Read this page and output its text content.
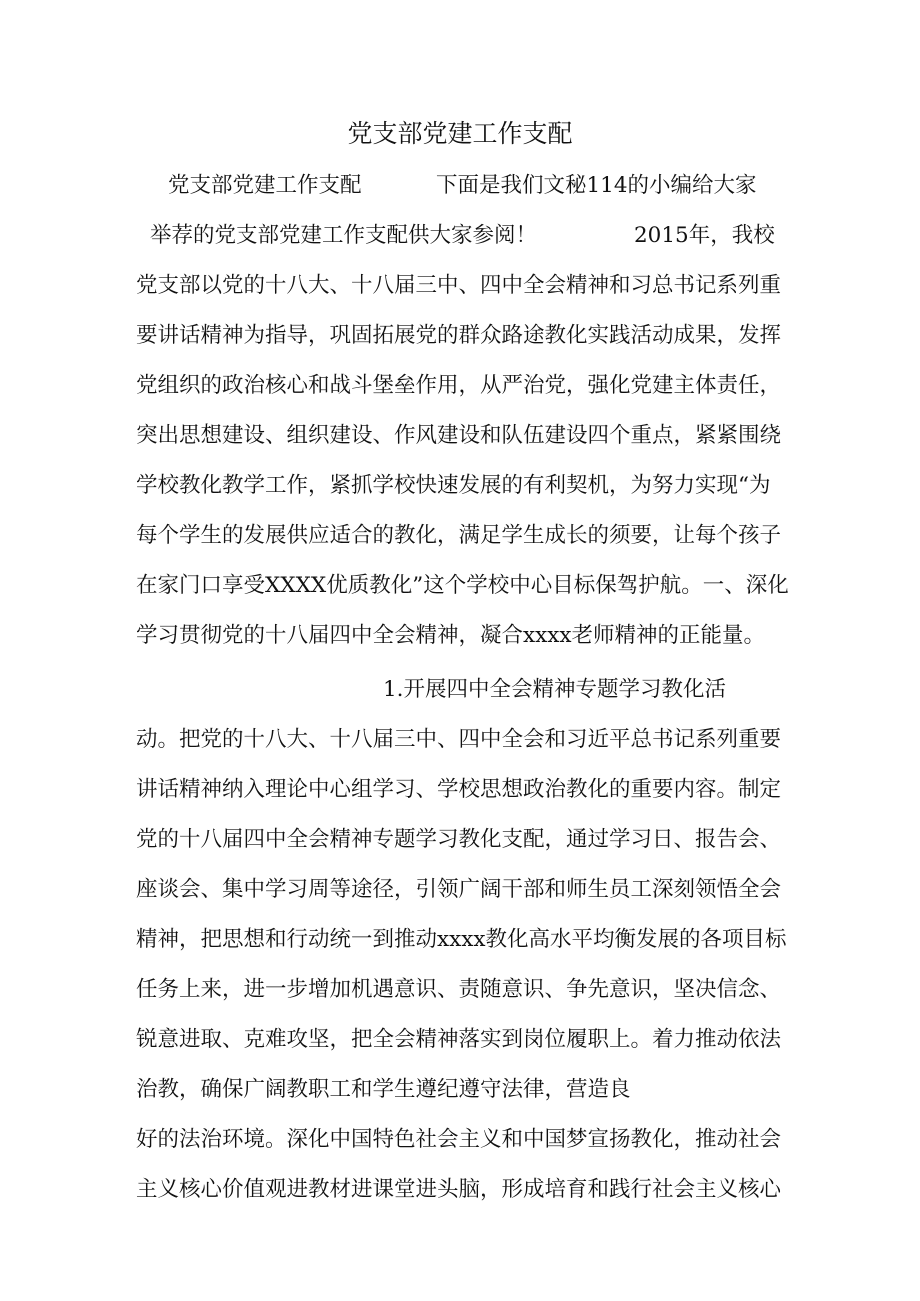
党支部党建工作支配
党支部党建工作支配	下面是我们文秘114的小编给大家
举荐的党支部党建工作支配供大家参阅！	2015年，我校
党支部以党的十八大、十八届三中、四中全会精神和习总书记系列重
要讲话精神为指导，巩固拓展党的群众路途教化实践活动成果，发挥
党组织的政治核心和战斗堡垒作用，从严治党，强化党建主体责任，
突出思想建设、组织建设、作风建设和队伍建设四个重点，紧紧围绕
学校教化教学工作，紧抓学校快速发展的有利契机，为努力实现“为
每个学生的发展供应适合的教化，满足学生成长的须要，让每个孩子
在家门口享受XXXX优质教化”这个学校中心目标保驾护航。一、深化
学习贯彻党的十八届四中全会精神，凝合xxxx老师精神的正能量。
1.开展四中全会精神专题学习教化活
动。把党的十八大、十八届三中、四中全会和习近平总书记系列重要
讲话精神纳入理论中心组学习、学校思想政治教化的重要内容。制定
党的十八届四中全会精神专题学习教化支配，通过学习日、报告会、
座谈会、集中学习周等途径，引领广阔干部和师生员工深刻领悟全会
精神，把思想和行动统一到推动xxxx教化高水平均衡发展的各项目标
任务上来，进一步增加机遇意识、责随意识、争先意识，坚决信念、
锐意进取、克难攻坚，把全会精神落实到岗位履职上。着力推动依法
治教，确保广阔教职工和学生遵纪遵守法律，营造良
好的法治环境。深化中国特色社会主义和中国梦宣扬教化，推动社会
主义核心价值观进教材进课堂进头脑，形成培育和践行社会主义核心
